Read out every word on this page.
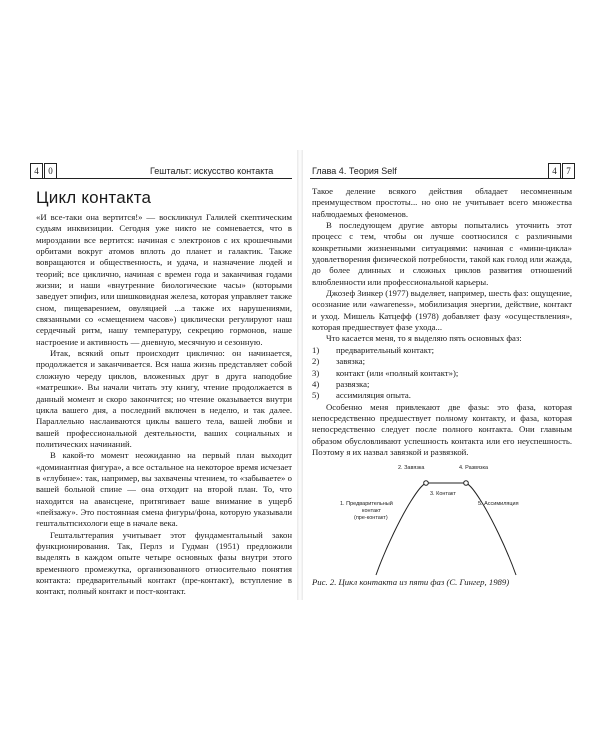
4	0	Гештальт: искусство контакта
Цикл контакта

«И все-таки она вертится!» — воскликнул Галилей скептическим судьям инквизиции. Сегодня уже никто не сомневается, что в мироздании все вертится: начиная с электронов с их крошечными орбитами вокруг атомов вплоть до планет и галактик. Также вовращаются и общественность, и удача, и назначение людей и теорий; все циклично, начиная с времен года и заканчивая годами жизни; и наши «внутренние биологические часы» (которыми заведует эпифиз, или шишковидная железа, которая управляет также сном, пищеварением, овуляцией ...а также их нарушениями, связанными со «смещением часов») циклически регулируют наш сердечный ритм, нашу температуру, секрецию гормонов, наше настроение и активность — дневную, месячную и сезонную.

Итак, всякий опыт происходит циклично: он начинается, продолжается и заканчивается. Вся наша жизнь представляет собой сложную череду циклов, вложенных друг в друга наподобие «матрешки». Вы начали читать эту книгу, чтение продолжается в данный момент и скоро закончится; но чтение оказывается внутри цикла вашего дня, а последний включен в неделю, и так далее. Параллельно наслаиваются циклы вашего тела, вашей любви и вашей профессиональной деятельности, ваших социальных и политических начинаний.

В какой-то момент неожиданно на первый план выходит «доминантная фигура», а все остальное на некоторое время исчезает в «глубине»: так, например, вы захвачены чтением, то «забываете» о вашей больной спине — она отходит на второй план. То, что находится на авансцене, притягивает ваше внимание в ущерб «пейзажу». Это постоянная смена фигуры/фона, которую указывали гештальтпсихологи еще в начале века.

Гештальттерапия учитывает этот фундаментальный закон функционирования. Так, Перлз и Гудман (1951) предложили выделять в каждом опыте четыре основных фазы внутри этого временного промежутка, организованного относительно понятия контакта: предварительный контакт (пре-контакт), вступление в контакт, полный контакт и пост-контакт.

Глава 4. Теория Self	4	7

Такое деление всякого действия обладает несомненным преимуществом простоты... но оно не учитывает всего множества наблюдаемых феноменов.

В последующем другие авторы попытались уточнить этот процесс с тем, чтобы он лучше соотносился с различными конкретными жизненными ситуациями: начиная с «мини-цикла» удовлетворения физической потребности, такой как голод или жажда, до более длинных и сложных циклов развития отношений влюбленности или профессиональной карьеры.

Джозеф Зинкер (1977) выделяет, например, шесть фаз: ощущение, осознание или «awareness», мобилизация энергии, действие, контакт и уход. Мишель Катцефф (1978) добавляет фазу «осуществления», которая предшествует фазе ухода...

Что касается меня, то я выделяю пять основных фаз:

1)	предварительный контакт;
2)	завязка;
3)	контакт (или «полный контакт»);
4)	развязка;
5)	ассимиляция опыта.

Особенно меня привлекают две фазы: это фаза, которая непосредственно предшествует полному контакту, и фаза, которая непосредственно следует после полного контакта. Они главным образом обусловливают успешность контакта или его неуспешность. Поэтому я их назвал завязкой и развязкой.

2. Завязка	4. Развязка
3. Контакт
1. Предварительный
контакт
(пре-контакт)
5. Ассимиляция
Рис. 2. Цикл контакта из пяти фаз (С. Гингер, 1989)
